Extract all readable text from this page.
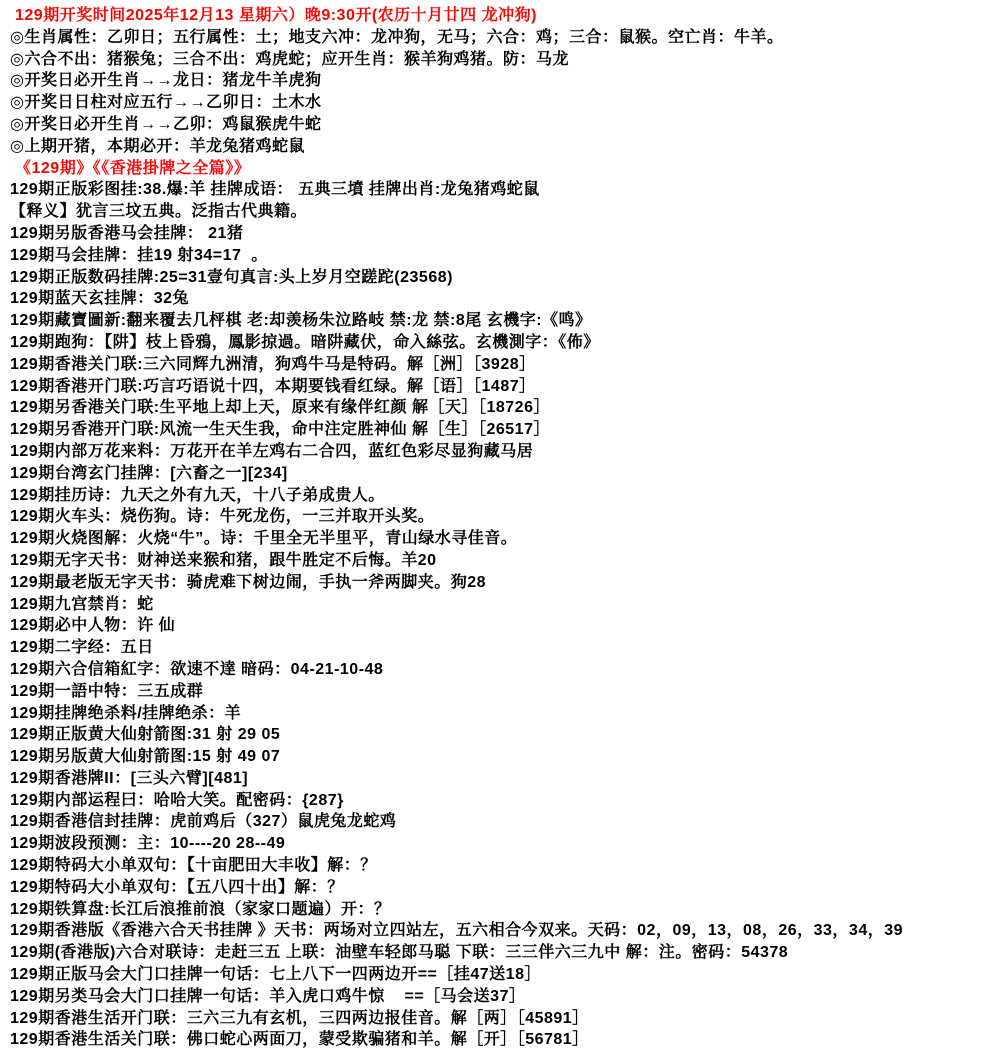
129期开奖时间2025年12月13 星期六）晚9:30开(农历十月廿四 龙冲狗)
◎生肖属性：乙卯日；五行属性：土；地支六冲：龙冲狗，无马；六合：鸡；三合：鼠猴。空亡肖：牛羊。
◎六合不出：猪猴兔；三合不出：鸡虎蛇；应开生肖：猴羊狗鸡猪。防：马龙
◎开奖日必开生肖→→龙日：猪龙牛羊虎狗
◎开奖日日柱对应五行→→乙卯日：土木水
◎开奖日必开生肖→→乙卯：鸡鼠猴虎牛蛇
◎上期开猪，本期必开：羊龙兔猪鸡蛇鼠
《129期》《《香港掛牌之全篇》》
129期正版彩图挂:38.爆:羊 挂牌成语： 五典三墳 挂牌出肖:龙兔猪鸡蛇鼠
【释义】犹言三坟五典。泛指古代典籍。
129期另版香港马会挂牌： 21猪
129期马会挂牌：挂19 射34=17  。
129期正版数码挂牌:25=31壹句真言:头上岁月空蹉跎(23568)
129期蓝天玄挂牌：32兔
129期藏寶圖新:翻来覆去几枰棋 老:却羡杨朱泣路岐 禁:龙 禁:8尾 玄機字:《鸣》
129期跑狗：【阱】枝上昏鴉，鳳影掠過。暗阱藏伏，命入絲弦。玄機測字：《佈》
129期香港关门联:三六同辉九洲清，狗鸡牛马是特码。解［洲］［3928］
129期香港开门联:巧言巧语说十四，本期要钱看红绿。解［语］［1487］
129期另香港关门联:生平地上却上天，原来有缘伴红颜 解［天］［18726］
129期另香港开门联:风流一生天生我，命中注定胜神仙 解［生］［26517］
129期内部万花来料：万花开在羊左鸡右二合四，蓝红色彩尽显狗藏马居
129期台湾玄门挂牌：[六畜之一][234]
129期挂历诗：九天之外有九天，十八子弟成贵人。
129期火车头：烧伤狗。诗：牛死龙伤，一三并取开头奖。
129期火烧图解：火烧“牛”。诗：千里全无半里平，青山绿水寻佳音。
129期无字天书：财神送来猴和猪，跟牛胜定不后悔。羊20
129期最老版无字天书：骑虎难下树边闹，手执一斧两脚夹。狗28
129期九宫禁肖：蛇
129期必中人物：许 仙
129期二字经：五日
129期六合信箱紅字：欲速不達 暗码：04-21-10-48
129期一語中特：三五成群
129期挂牌绝杀料/挂牌绝杀：羊
129期正版黄大仙射箭图:31 射 29 05
129期另版黄大仙射箭图:15 射 49 07
129期香港牌II：[三头六臂][481]
129期内部运程曰：哈哈大笑。配密码：{287}
129期香港信封挂牌：虎前鸡后（327）鼠虎兔龙蛇鸡
129期波段预测：主：10----20 28--49
129期特码大小单双句：【十亩肥田大丰收】解：？
129期特码大小单双句：【五八四十出】解：？
129期铁算盘:长江后浪推前浪（家家口题遍）开：？
129期香港版《香港六合天书挂牌 》天书：两场对立四站左，五六相合今双来。天码：02，09，13，08，26，33，34，39
129期(香港版)六合对联诗：走赶三五 上联：油壁车轻郎马聪 下联：三三伴六三九中 解：注。密码：54378
129期正版马会大门口挂牌一句话：七上八下一四两边开==［挂47送18］
129期另类马会大门口挂牌一句话：羊入虎口鸡牛惊    ==［马会送37］
129期香港生活开门联：三六三九有玄机，三四两边报佳音。解［两］［45891］
129期香港生活关门联：佛口蛇心两面刀，蒙受欺骗猪和羊。解［开］［56781］
